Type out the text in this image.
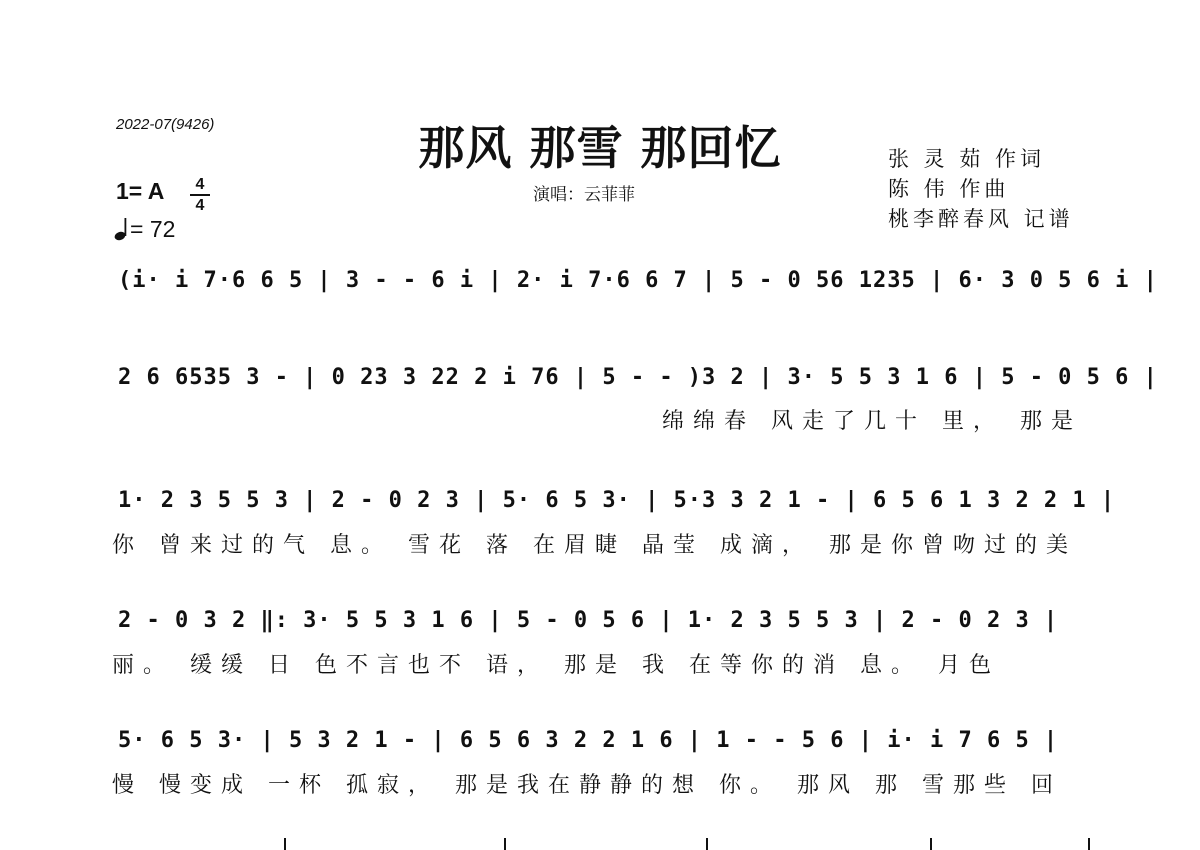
2022-07(9426)	那风 那雪 那回忆
演唱：云菲菲
张 灵 茹 作词
陈 伟 作曲
桃李醉春风 记谱
1= A	4
4
= 72
(i· i 7·6 6 5 | 3 - - 6 i | 2· i 7·6 6 7 | 5 - 0 56 1235 | 6· 3 0 5 6 i |
2 6 6535 3 - | 0 23 3 22 2 i 76 | 5 - - )3 2 | 3· 5 5 3 1 6 | 5 - 0 5 6 |
绵绵春 风走了几十 里， 那是
1· 2 3 5 5 3 | 2 - 0 2 3 | 5· 6 5 3· | 5·3 3 2 1 - | 6 5 6 1 3 2 2 1 |
你 曾来过的气 息。 雪花 落 在眉睫 晶莹 成滴， 那是你曾吻过的美
2 - 0 3 2 ‖: 3· 5 5 3 1 6 | 5 - 0 5 6 | 1· 2 3 5 5 3 | 2 - 0 2 3 |
丽。 缓缓 日 色不言也不 语， 那是 我 在等你的消 息。 月色
5· 6 5 3· | 5 3 2 1 - | 6 5 6 3 2 2 1 6 | 1 - - 5 6 | i· i 7 6 5 |
慢 慢变成 一杯 孤寂， 那是我在静静的想 你。 那风 那 雪那些 回
